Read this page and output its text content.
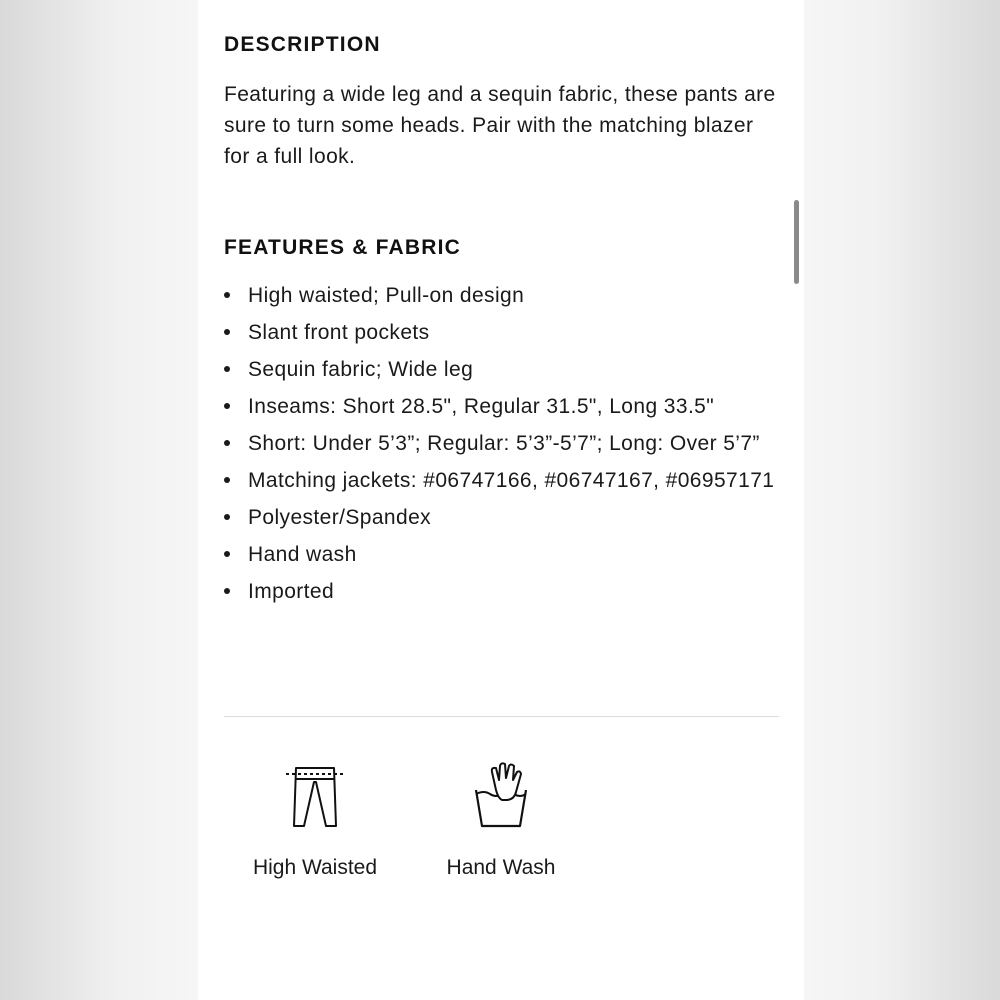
DESCRIPTION

Featuring a wide leg and a sequin fabric, these pants are sure to turn some heads. Pair with the matching blazer for a full look.

FEATURES & FABRIC
High waisted; Pull-on design
Slant front pockets
Sequin fabric; Wide leg
Inseams: Short 28.5", Regular 31.5", Long 33.5"
Short: Under 5’3”; Regular: 5’3”-5’7”; Long: Over 5’7”
Matching jackets: #06747166, #06747167, #06957171
Polyester/Spandex
Hand wash
Imported
High Waisted	Hand Wash
